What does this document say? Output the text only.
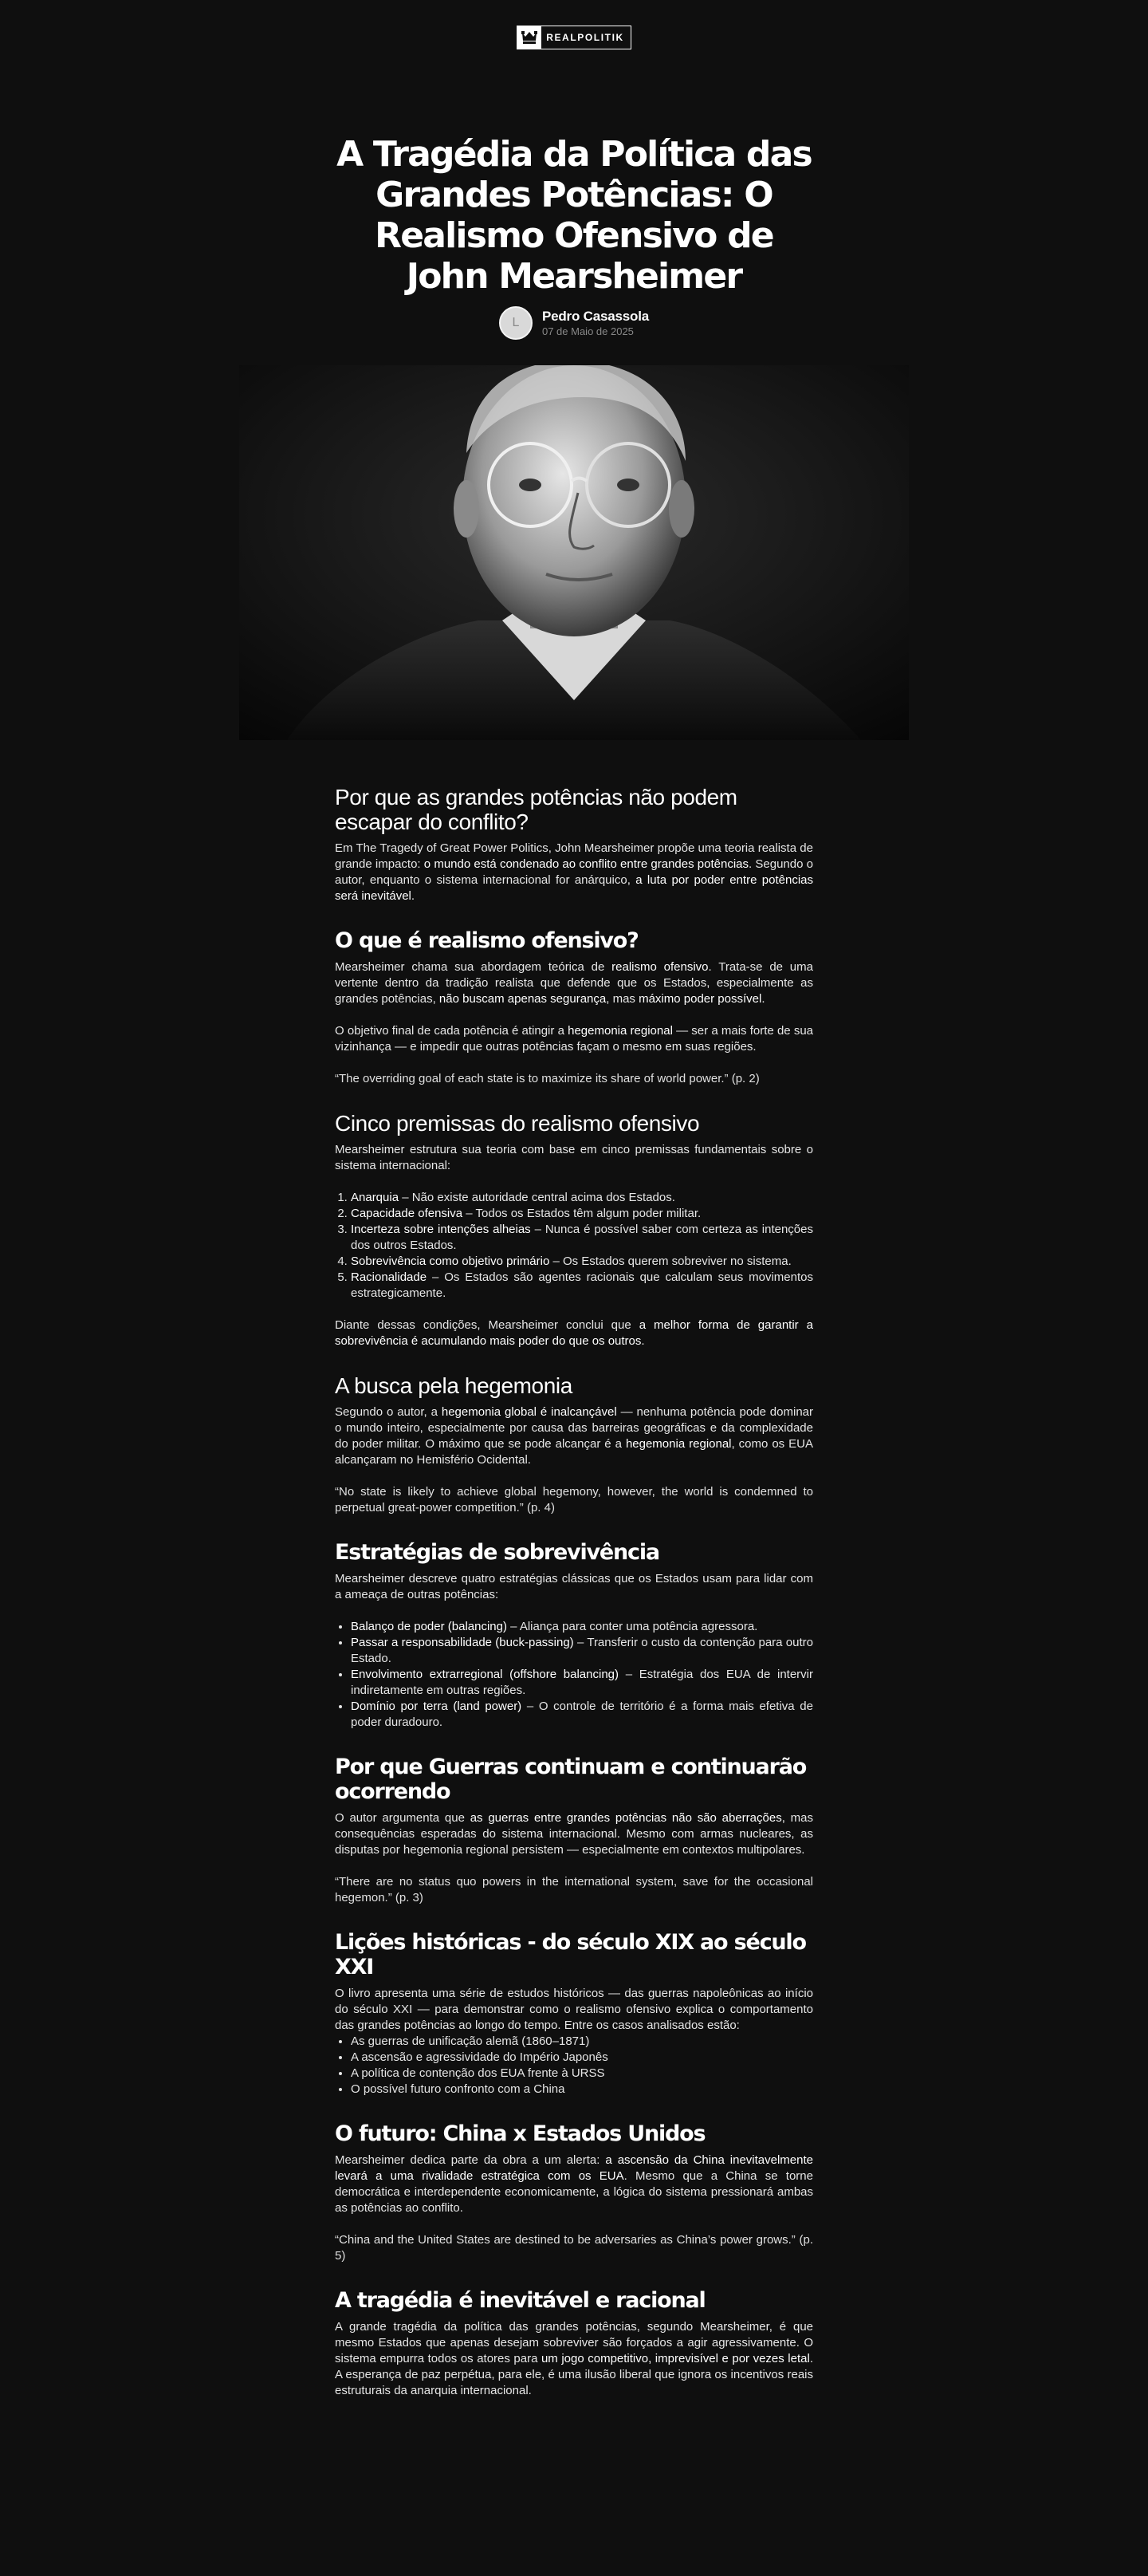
REALPOLITIK
A Tragédia da Política das Grandes Potências: O Realismo Ofensivo de John Mearsheimer
L	Pedro Casassola
07 de Maio de 2025
Por que as grandes potências não podem escapar do conflito?

Em The Tragedy of Great Power Politics, John Mearsheimer propõe uma teoria realista de grande impacto: o mundo está condenado ao conflito entre grandes potências. Segundo o autor, enquanto o sistema internacional for anárquico, a luta por poder entre potências será inevitável.

O que é realismo ofensivo?

Mearsheimer chama sua abordagem teórica de realismo ofensivo. Trata-se de uma vertente dentro da tradição realista que defende que os Estados, especialmente as grandes potências, não buscam apenas segurança, mas máximo poder possível.

O objetivo final de cada potência é atingir a hegemonia regional — ser a mais forte de sua vizinhança — e impedir que outras potências façam o mesmo em suas regiões.

“The overriding goal of each state is to maximize its share of world power.” (p. 2)

Cinco premissas do realismo ofensivo

Mearsheimer estrutura sua teoria com base em cinco premissas fundamentais sobre o sistema internacional:

1. Anarquia – Não existe autoridade central acima dos Estados.
2. Capacidade ofensiva – Todos os Estados têm algum poder militar.
3. Incerteza sobre intenções alheias – Nunca é possível saber com certeza as intenções dos outros Estados.
4. Sobrevivência como objetivo primário – Os Estados querem sobreviver no sistema.
5. Racionalidade – Os Estados são agentes racionais que calculam seus movimentos estrategicamente.

Diante dessas condições, Mearsheimer conclui que a melhor forma de garantir a sobrevivência é acumulando mais poder do que os outros.

A busca pela hegemonia

Segundo o autor, a hegemonia global é inalcançável — nenhuma potência pode dominar o mundo inteiro, especialmente por causa das barreiras geográficas e da complexidade do poder militar. O máximo que se pode alcançar é a hegemonia regional, como os EUA alcançaram no Hemisfério Ocidental.

“No state is likely to achieve global hegemony, however, the world is condemned to perpetual great-power competition.” (p. 4)

Estratégias de sobrevivência

Mearsheimer descreve quatro estratégias clássicas que os Estados usam para lidar com a ameaça de outras potências:

• Balanço de poder (balancing) – Aliança para conter uma potência agressora.
• Passar a responsabilidade (buck-passing) – Transferir o custo da contenção para outro Estado.
• Envolvimento extrarregional (offshore balancing) – Estratégia dos EUA de intervir indiretamente em outras regiões.
• Domínio por terra (land power) – O controle de território é a forma mais efetiva de poder duradouro.
Por que Guerras continuam e continuarão ocorrendo

O autor argumenta que as guerras entre grandes potências não são aberrações, mas consequências esperadas do sistema internacional. Mesmo com armas nucleares, as disputas por hegemonia regional persistem — especialmente em contextos multipolares.

“There are no status quo powers in the international system, save for the occasional hegemon.” (p. 3)

Lições históricas - do século XIX ao século XXI

O livro apresenta uma série de estudos históricos — das guerras napoleônicas ao início do século XXI — para demonstrar como o realismo ofensivo explica o comportamento das grandes potências ao longo do tempo. Entre os casos analisados estão:

• As guerras de unificação alemã (1860–1871)
• A ascensão e agressividade do Império Japonês
• A política de contenção dos EUA frente à URSS
• O possível futuro confronto com a China
O futuro: China x Estados Unidos

Mearsheimer dedica parte da obra a um alerta: a ascensão da China inevitavelmente levará a uma rivalidade estratégica com os EUA. Mesmo que a China se torne democrática e interdependente economicamente, a lógica do sistema pressionará ambas as potências ao conflito.

“China and the United States are destined to be adversaries as China’s power grows.” (p. 5)

A tragédia é inevitável e racional

A grande tragédia da política das grandes potências, segundo Mearsheimer, é que mesmo Estados que apenas desejam sobreviver são forçados a agir agressivamente. O sistema empurra todos os atores para um jogo competitivo, imprevisível e por vezes letal. A esperança de paz perpétua, para ele, é uma ilusão liberal que ignora os incentivos reais estruturais da anarquia internacional.
